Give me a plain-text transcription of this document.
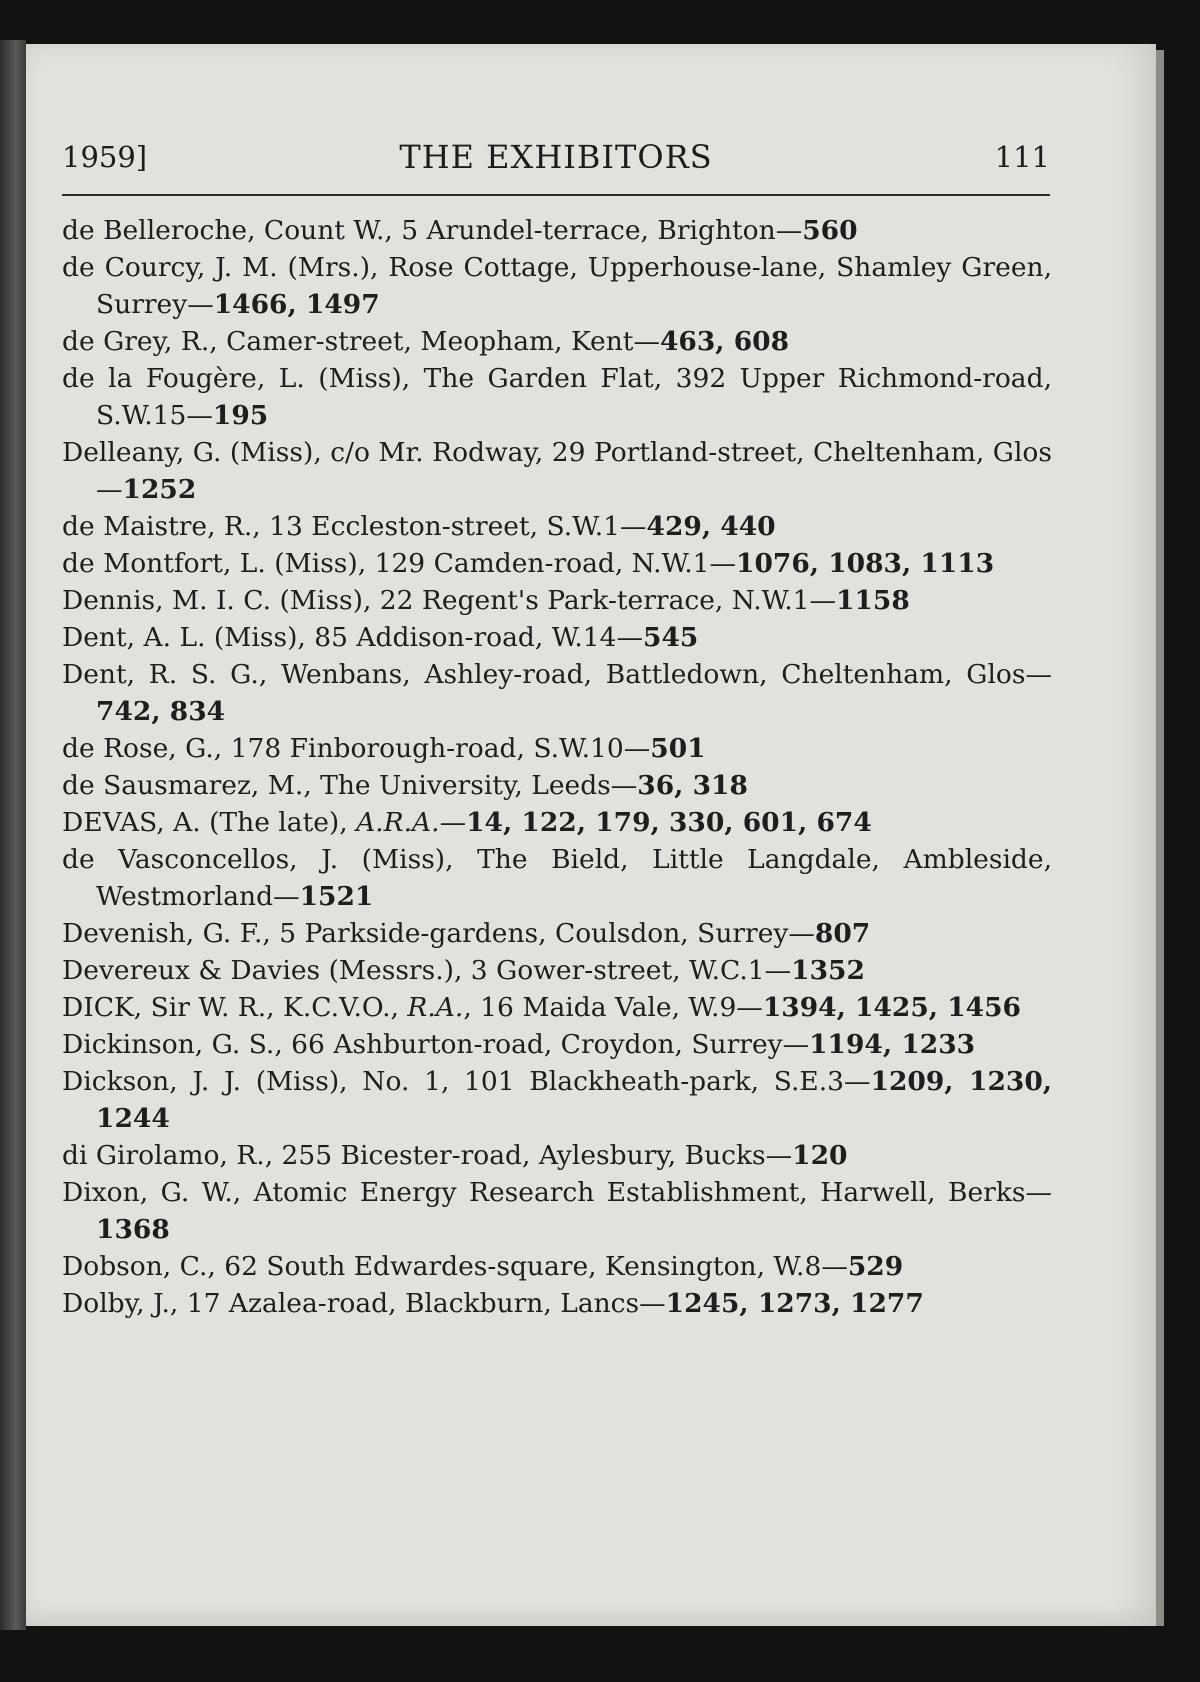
1959]	THE EXHIBITORS	111
de Belleroche, Count W., 5 Arundel-terrace, Brighton—560
de Courcy, J. M. (Mrs.), Rose Cottage, Upperhouse-lane, Shamley Green, Surrey—1466, 1497
de Grey, R., Camer-street, Meopham, Kent—463, 608
de la Fougère, L. (Miss), The Garden Flat, 392 Upper Richmond-road, S.W.15—195
Delleany, G. (Miss), c/o Mr. Rodway, 29 Portland-street, Cheltenham, Glos—1252
de Maistre, R., 13 Eccleston-street, S.W.1—429, 440
de Montfort, L. (Miss), 129 Camden-road, N.W.1—1076, 1083, 1113
Dennis, M. I. C. (Miss), 22 Regent's Park-terrace, N.W.1—1158
Dent, A. L. (Miss), 85 Addison-road, W.14—545
Dent, R. S. G., Wenbans, Ashley-road, Battledown, Cheltenham, Glos—742, 834
de Rose, G., 178 Finborough-road, S.W.10—501
de Sausmarez, M., The University, Leeds—36, 318
DEVAS, A. (The late), A.R.A.—14, 122, 179, 330, 601, 674
de Vasconcellos, J. (Miss), The Bield, Little Langdale, Ambleside, Westmorland—1521
Devenish, G. F., 5 Parkside-gardens, Coulsdon, Surrey—807
Devereux & Davies (Messrs.), 3 Gower-street, W.C.1—1352
DICK, Sir W. R., K.C.V.O., R.A., 16 Maida Vale, W.9—1394, 1425, 1456
Dickinson, G. S., 66 Ashburton-road, Croydon, Surrey—1194, 1233
Dickson, J. J. (Miss), No. 1, 101 Blackheath-park, S.E.3—1209, 1230, 1244
di Girolamo, R., 255 Bicester-road, Aylesbury, Bucks—120
Dixon, G. W., Atomic Energy Research Establishment, Harwell, Berks—1368
Dobson, C., 62 South Edwardes-square, Kensington, W.8—529
Dolby, J., 17 Azalea-road, Blackburn, Lancs—1245, 1273, 1277
